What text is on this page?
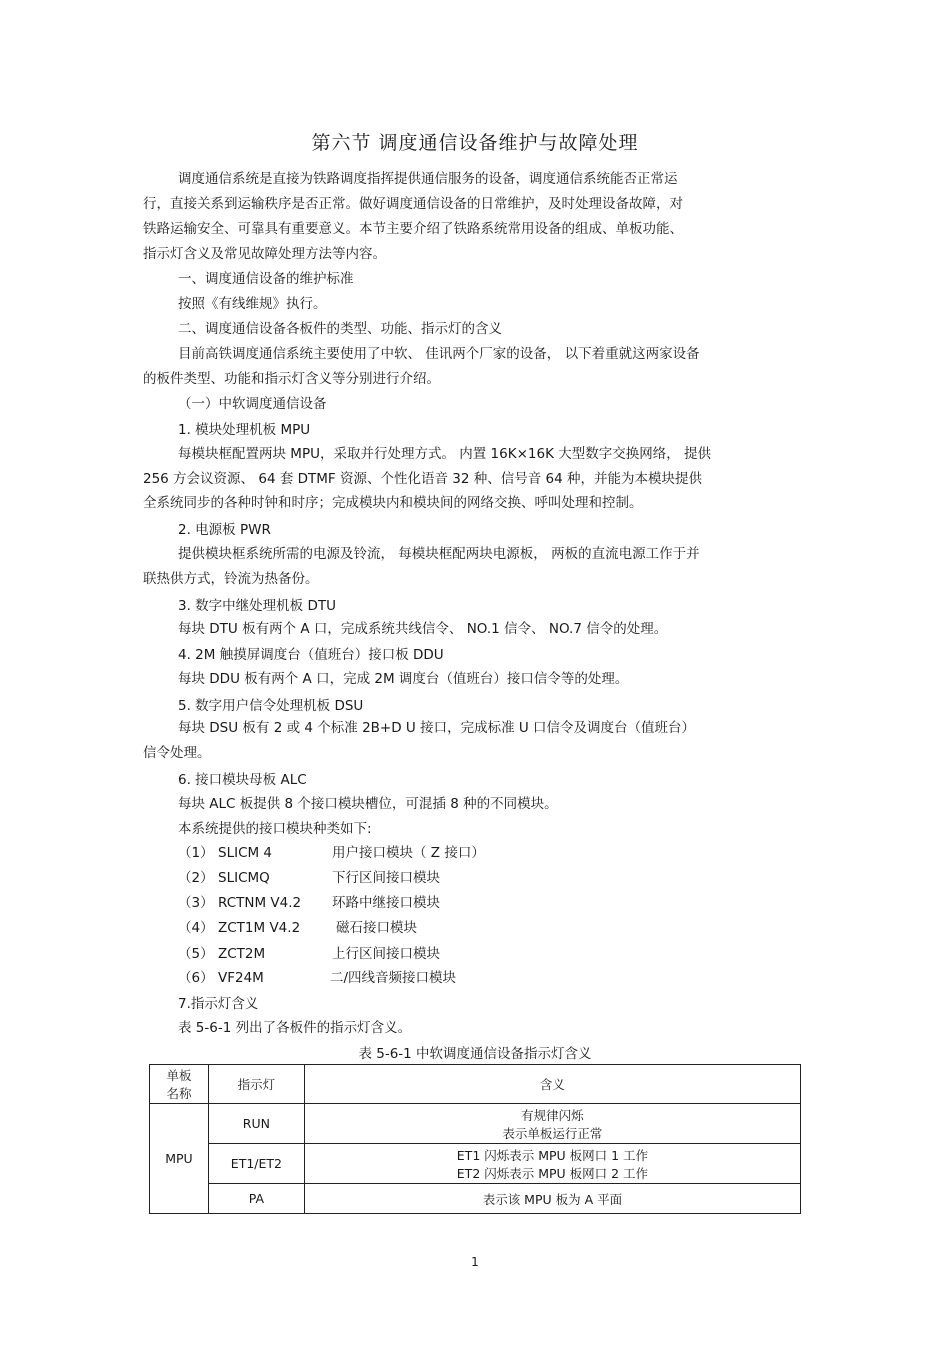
第六节 调度通信设备维护与故障处理
调度通信系统是直接为铁路调度指挥提供通信服务的设备，调度通信系统能否正常运
行，直接关系到运输秩序是否正常。做好调度通信设备的日常维护，及时处理设备故障，对
铁路运输安全、可靠具有重要意义。本节主要介绍了铁路系统常用设备的组成、单板功能、
指示灯含义及常见故障处理方法等内容。
一、调度通信设备的维护标准
按照《有线维规》执行。
二、调度通信设备各板件的类型、功能、指示灯的含义
目前高铁调度通信系统主要使用了中软、 佳讯两个厂家的设备， 以下着重就这两家设备
的板件类型、功能和指示灯含义等分别进行介绍。
（一）中软调度通信设备
1. 模块处理机板 MPU
每模块框配置两块 MPU，采取并行处理方式。 内置 16K×16K 大型数字交换网络， 提供
256 方会议资源、 64 套 DTMF 资源、个性化语音 32 种、信号音 64 种，并能为本模块提供
全系统同步的各种时钟和时序；完成模块内和模块间的网络交换、呼叫处理和控制。
2. 电源板 PWR
提供模块框系统所需的电源及铃流， 每模块框配两块电源板， 两板的直流电源工作于并
联热供方式，铃流为热备份。
3. 数字中继处理机板 DTU
每块 DTU 板有两个 A 口，完成系统共线信令、 NO.1 信令、 NO.7 信令的处理。
4. 2M 触摸屏调度台（值班台）接口板 DDU
每块 DDU 板有两个 A 口，完成 2M 调度台（值班台）接口信令等的处理。
5. 数字用户信令处理机板 DSU
每块 DSU 板有 2 或 4 个标准 2B+D U 接口，完成标准 U 口信令及调度台（值班台）
信令处理。
6. 接口模块母板 ALC
每块 ALC 板提供 8 个接口模块槽位，可混插 8 种的不同模块。
本系统提供的接口模块种类如下:
（1） SLICM 4	用户接口模块（ Z 接口）
（2） SLICMQ	下行区间接口模块
（3） RCTNM V4.2 环路中继接口模块
（4） ZCT1M V4.2	磁石接口模块
（5） ZCT2M	上行区间接口模块
（6） VF24M	二/四线音频接口模块
7.指示灯含义
表 5-6-1 列出了各板件的指示灯含义。
表 5-6-1 中软调度通信设备指示灯含义
单板
名称	指示灯	含义
MPU	RUN	有规律闪烁
表示单板运行正常

	ET1/ET2	ET1 闪烁表示 MPU 板网口 1 工作
ET2 闪烁表示 MPU 板网口 2 工作

	PA	表示该 MPU 板为 A 平面
1
